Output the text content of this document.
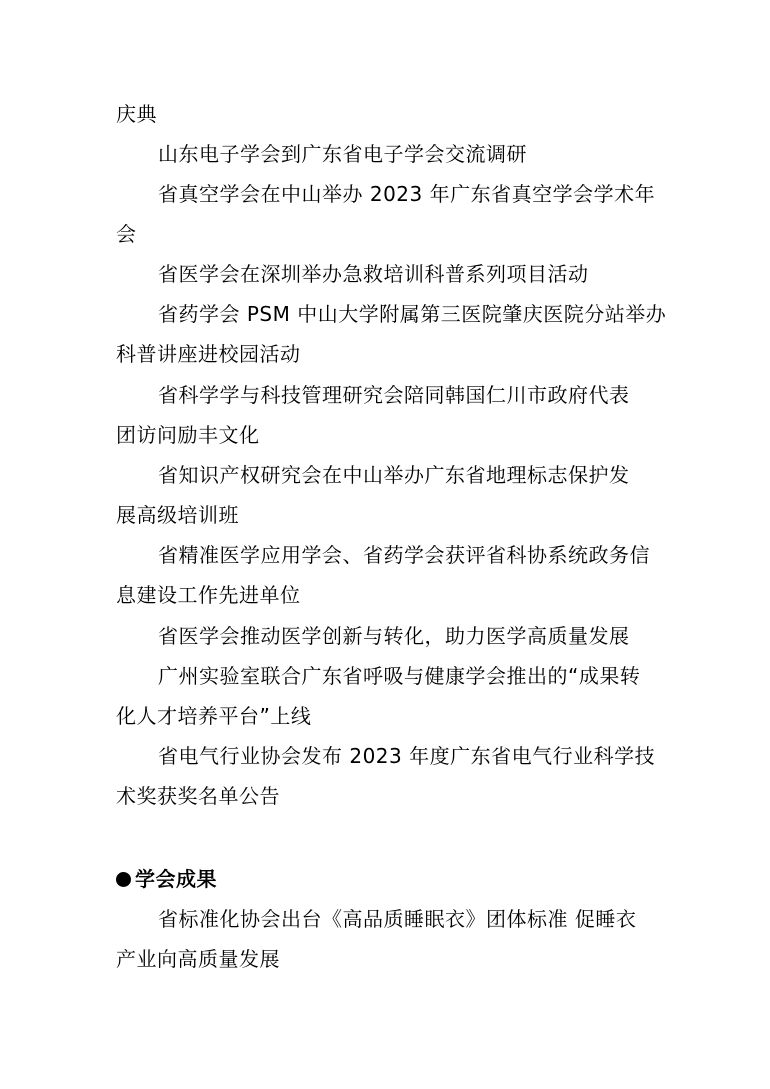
庆典
山东电子学会到广东省电子学会交流调研
省真空学会在中山举办 2023 年广东省真空学会学术年
会
省医学会在深圳举办急救培训科普系列项目活动
省药学会 PSM 中山大学附属第三医院肇庆医院分站举办
科普讲座进校园活动
省科学学与科技管理研究会陪同韩国仁川市政府代表
团访问励丰文化
省知识产权研究会在中山举办广东省地理标志保护发
展高级培训班
省精准医学应用学会、省药学会获评省科协系统政务信
息建设工作先进单位
省医学会推动医学创新与转化，助力医学高质量发展
广州实验室联合广东省呼吸与健康学会推出的“成果转
化人才培养平台”上线
省电气行业协会发布 2023 年度广东省电气行业科学技
术奖获奖名单公告
学会成果
省标准化协会出台《高品质睡眠衣》团体标准 促睡衣
产业向高质量发展
